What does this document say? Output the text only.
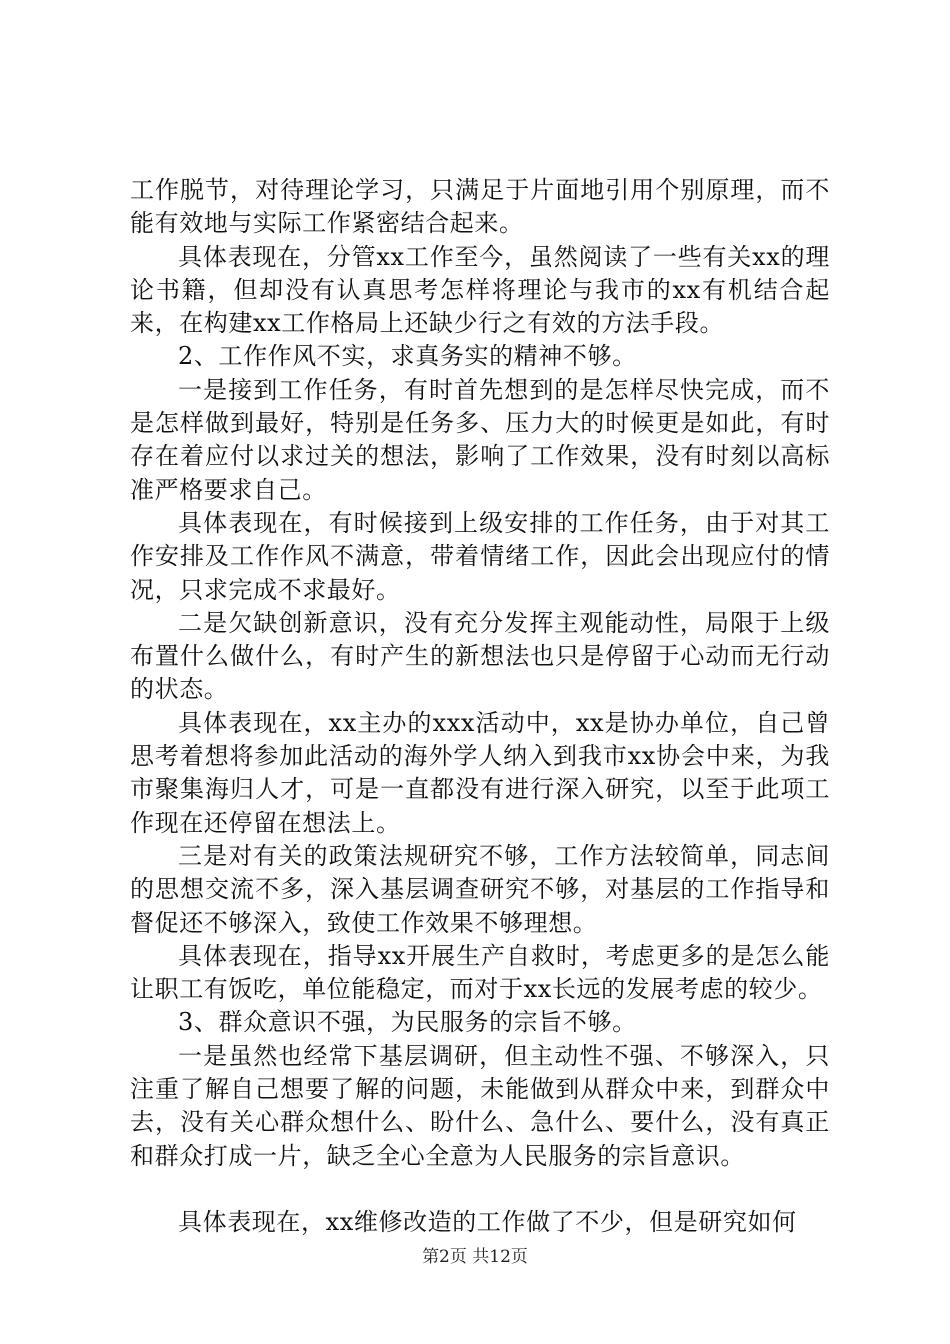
工作脱节，对待理论学习，只满足于片面地引用个别原理，而不能有效地与实际工作紧密结合起来。

具体表现在，分管xx工作至今，虽然阅读了一些有关xx的理论书籍，但却没有认真思考怎样将理论与我市的xx有机结合起来，在构建xx工作格局上还缺少行之有效的方法手段。

2、工作作风不实，求真务实的精神不够。

一是接到工作任务，有时首先想到的是怎样尽快完成，而不是怎样做到最好，特别是任务多、压力大的时候更是如此，有时存在着应付以求过关的想法，影响了工作效果，没有时刻以高标准严格要求自己。

具体表现在，有时候接到上级安排的工作任务，由于对其工作安排及工作作风不满意，带着情绪工作，因此会出现应付的情况，只求完成不求最好。

二是欠缺创新意识，没有充分发挥主观能动性，局限于上级布置什么做什么，有时产生的新想法也只是停留于心动而无行动的状态。

具体表现在，xx主办的xxx活动中，xx是协办单位，自己曾思考着想将参加此活动的海外学人纳入到我市xx协会中来，为我市聚集海归人才，可是一直都没有进行深入研究，以至于此项工作现在还停留在想法上。

三是对有关的政策法规研究不够，工作方法较简单，同志间的思想交流不多，深入基层调查研究不够，对基层的工作指导和督促还不够深入，致使工作效果不够理想。

具体表现在，指导xx开展生产自救时，考虑更多的是怎么能让职工有饭吃，单位能稳定，而对于xx长远的发展考虑的较少。

3、群众意识不强，为民服务的宗旨不够。

一是虽然也经常下基层调研，但主动性不强、不够深入，只注重了解自己想要了解的问题，未能做到从群众中来，到群众中去，没有关心群众想什么、盼什么、急什么、要什么，没有真正和群众打成一片，缺乏全心全意为人民服务的宗旨意识。

具体表现在，xx维修改造的工作做了不少，但是研究如何

第2页 共12页
